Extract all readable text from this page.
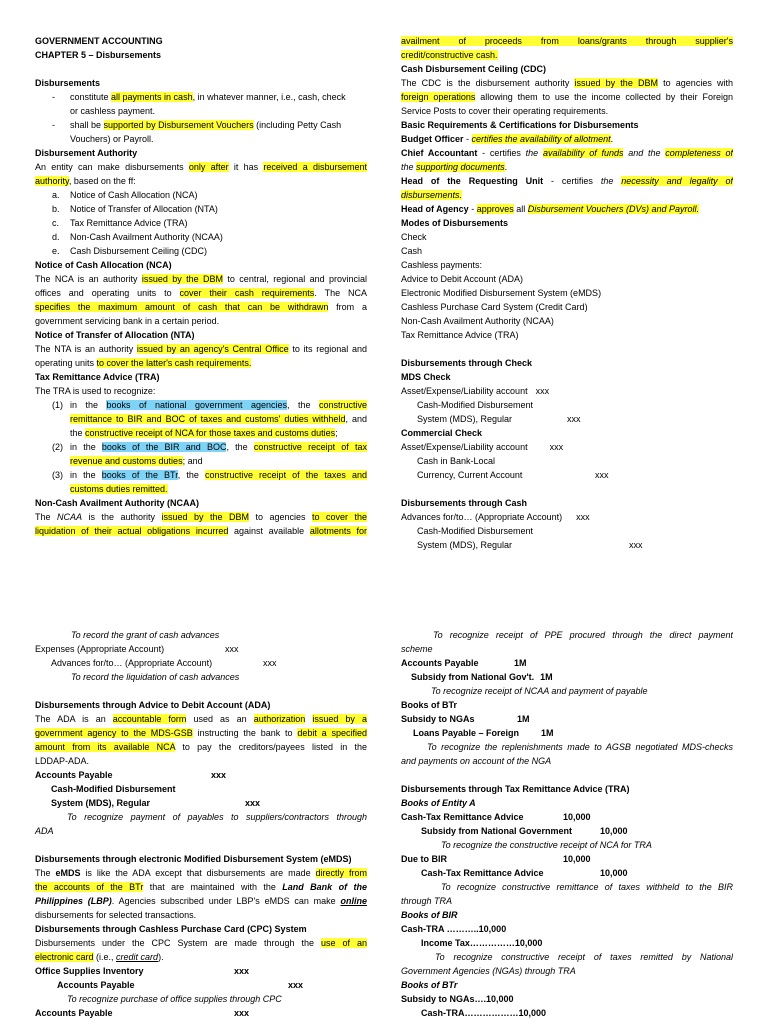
GOVERNMENT ACCOUNTING
CHAPTER 5 – Disbursements
Disbursements
- constitute all payments in cash, in whatever manner, i.e., cash, check
or cashless payment.
- shall be supported by Disbursement Vouchers (including Petty Cash
Vouchers) or Payroll.
Disbursement Authority
An entity can make disbursements only after it has received a disbursement
authority, based on the ff:
a. Notice of Cash Allocation (NCA)
b. Notice of Transfer of Allocation (NTA)
c. Tax Remittance Advice (TRA)
d. Non-Cash Availment Authority (NCAA)
e. Cash Disbursement Ceiling (CDC)
Notice of Cash Allocation (NCA)
The NCA is an authority issued by the DBM to central, regional and provincial
offices and operating units to cover their cash requirements. The NCA
specifies the maximum amount of cash that can be withdrawn from a
government servicing bank in a certain period.
Notice of Transfer of Allocation (NTA)
The NTA is an authority issued by an agency's Central Office to its regional and
operating units to cover the latter's cash requirements.
Tax Remittance Advice (TRA)
The TRA is used to recognize:
(1) in the books of national government agencies, the constructive
remittance to BIR and BOC of taxes and customs' duties withheld, and
the constructive receipt of NCA for those taxes and customs duties;
(2) in the books of the BIR and BOC, the constructive receipt of tax
revenue and customs duties; and
(3) in the books of the BTr, the constructive receipt of the taxes and
customs duties remitted.
Non-Cash Availment Authority (NCAA)
The NCAA is the authority issued by the DBM to agencies to cover the
liquidation of their actual obligations incurred against available allotments for
availment of proceeds from loans/grants through supplier's
credit/constructive cash.
Cash Disbursement Ceiling (CDC)
The CDC is the disbursement authority issued by the DBM to agencies with
foreign operations allowing them to use the income collected by their Foreign
Service Posts to cover their operating requirements.
Basic Requirements & Certifications for Disbursements
Budget Officer - certifies the availability of allotment.
Chief Accountant - certifies the availability of funds and the completeness of
the supporting documents.
Head of the Requesting Unit - certifies the necessity and legality of
disbursements.
Head of Agency - approves all Disbursement Vouchers (DVs) and Payroll.
Modes of Disbursements
Check
Cash
Cashless payments:
Advice to Debit Account (ADA)
Electronic Modified Disbursement System (eMDS)
Cashless Purchase Card System (Credit Card)
Non-Cash Availment Authority (NCAA)
Tax Remittance Advice (TRA)
Disbursements through Check
MDS Check
Asset/Expense/Liability account xxx
Cash-Modified Disbursement
System (MDS), Regular	xxx
Commercial Check
Asset/Expense/Liability account xxx
Cash in Bank-Local
Currency, Current Account	xxx
Disbursements through Cash
Advances for/to… (Appropriate Account) xxx
Cash-Modified Disbursement
System (MDS), Regular	xxx
To record the grant of cash advances
Expenses (Appropriate Account)	xxx
Advances for/to… (Appropriate Account)	xxx
To record the liquidation of cash advances
Disbursements through Advice to Debit Account (ADA)
The ADA is an accountable form used as an authorization issued by a
government agency to the MDS-GSB instructing the bank to debit a specified
amount from its available NCA to pay the creditors/payees listed in the
LDDAP-ADA.
Accounts Payable	xxx
Cash-Modified Disbursement
System (MDS), Regular	xxx
To recognize payment of payables to suppliers/contractors through
ADA
Disbursements through electronic Modified Disbursement System (eMDS)
The eMDS is like the ADA except that disbursements are made directly from
the accounts of the BTr that are maintained with the Land Bank of the
Philippines (LBP). Agencies subscribed under LBP's eMDS can make online
disbursements for selected transactions.
Disbursements through Cashless Purchase Card (CPC) System
Disbursements under the CPC System are made through the use of an
electronic card (i.e., credit card).
Office Supplies Inventory	xxx
Accounts Payable	xxx
To recognize purchase of office supplies through CPC
Accounts Payable	xxx
To recognize receipt of PPE procured through the direct payment
scheme
Accounts Payable	1M
Subsidy from National Gov't. 1M
To recognize receipt of NCAA and payment of payable
Books of BTr
Subsidy to NGAs	1M
Loans Payable – Foreign 1M
To recognize the replenishments made to AGSB negotiated MDS-checks
and payments on account of the NGA
Disbursements through Tax Remittance Advice (TRA)
Books of Entity A
Cash-Tax Remittance Advice	10,000
Subsidy from National Government	10,000
To recognize the constructive receipt of NCA for TRA
Due to BIR	10,000
Cash-Tax Remittance Advice	10,000
To recognize constructive remittance of taxes withheld to the BIR
through TRA
Books of BIR
Cash-TRA ………..10,000
Income Tax……………10,000
To recognize constructive receipt of taxes remitted by National
Government Agencies (NGAs) through TRA
Books of BTr
Subsidy to NGAs….10,000
Cash-TRA………………10,000
